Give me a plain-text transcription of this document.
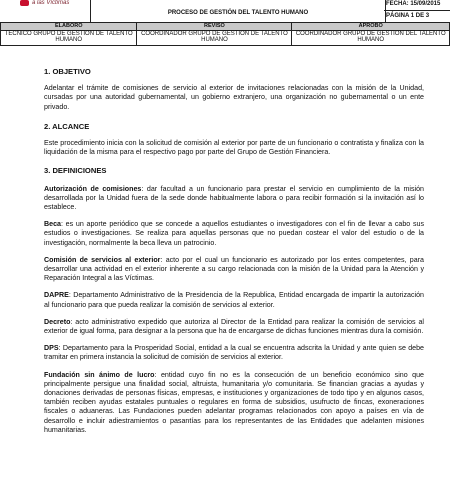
a las Víctimas
PROCESO DE GESTIÓN DEL TALENTO HUMANO
FECHA: 15/09/2015
PÁGINA 1 DE 3
ELABORO	REVISO	APROBO
TECNICO GRUPO DE GESTION DE TALENTO HUMANO	COORDINADOR GRUPO DE GESTION DE TALENTO HUMANO	COORDINADOR GRUPO DE GESTION DEL TALENTO HUMANO

1. OBJETIVO

Adelantar el trámite de comisiones de servicio al exterior de invitaciones relacionadas con la misión de la Unidad, cursadas por una autoridad gubernamental, un gobierno extranjero, una organización no gubernamental o un ente privado.

2. ALCANCE

Este procedimiento inicia con la solicitud de comisión al exterior por parte de un funcionario o contratista y finaliza con la liquidación de la misma para el respectivo pago por parte del Grupo de Gestión Financiera.

3. DEFINICIONES

Autorización de comisiones: dar facultad a un funcionario para prestar el servicio en cumplimiento de la misión desarrollada por la Unidad fuera de la sede donde habitualmente labora o para recibir formación si la invitación así lo establece.

Beca: es un aporte periódico que se concede a aquellos estudiantes o investigadores con el fin de llevar a cabo sus estudios o investigaciones. Se realiza para aquellas personas que no puedan costear el valor del estudio o de la investigación, normalmente la beca lleva un patrocinio.

Comisión de servicios al exterior: acto por el cual un funcionario es autorizado por los entes competentes, para desarrollar una actividad en el exterior inherente a su cargo relacionada con la misión de la Unidad para la Atención y Reparación Integral a las Víctimas.

DAPRE: Departamento Administrativo de la Presidencia de la Republica, Entidad encargada de impartir la autorización al funcionario para que pueda realizar la comisión de servicios al exterior.

Decreto: acto administrativo expedido que autoriza al Director de la Entidad para realizar la comisión de servicios al exterior de igual forma, para designar a la persona que ha de encargarse de dichas funciones mientras dura la comisión.

DPS: Departamento para la Prosperidad Social, entidad a la cual se encuentra adscrita la Unidad y ante quien se debe tramitar en primera instancia la solicitud de comisión de servicios al exterior.

Fundación sin ánimo de lucro: entidad cuyo fin no es la consecución de un beneficio económico sino que principalmente persigue una finalidad social, altruista, humanitaria y/o comunitaria. Se financian gracias a ayudas y donaciones derivadas de personas físicas, empresas, e instituciones y organizaciones de todo tipo y en algunos casos, también reciben ayudas estatales puntuales o regulares en forma de subsidios, usufructo de fincas, exoneraciones fiscales o aduaneras. Las Fundaciones pueden adelantar programas relacionados con apoyo a países en vía de desarrollo e incluir adiestramientos o pasantías para los representantes de las Entidades que adelanten misiones humanitarias.
